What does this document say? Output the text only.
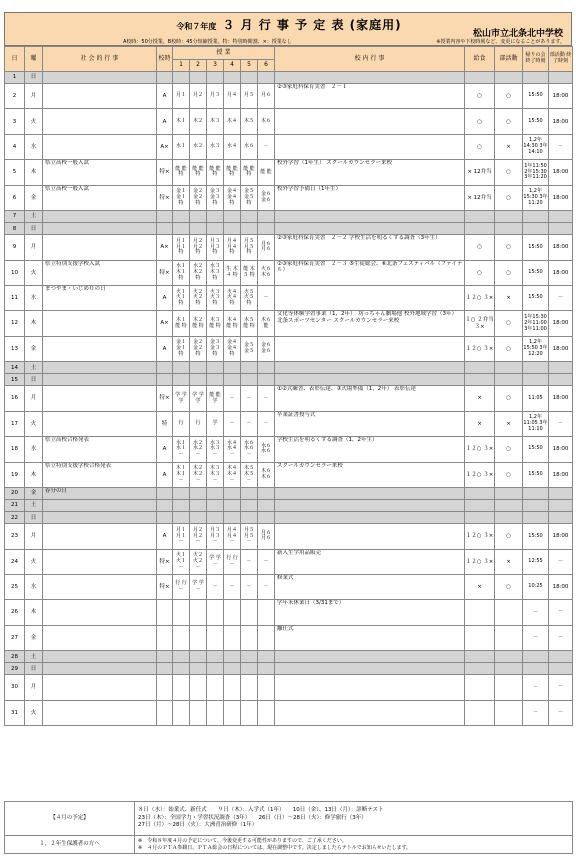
令和７年度 ３ 月 行 事 予 定 表 (家庭用)
松山市立北条北中学校
A校時：50分授業、B校時：45分短縮授業、特：特別時間割、×：授業なし	※授業内容や下校時刻など、変更になることがあります。
日	曜	社 会 的 行 事	校時	授 業						校 内 行 事	給食	部活動	帰りの会 終了時刻	部活動 終了時刻
				1	2	3	4	5	6					
1	日													
2	月		A	月１	月２	月３	月４	月５	月６	②③家庭科保育実習　２－１	○	○	15:50	18:00
3	火		A	木１	木２	木３	木４	木５	木６		○	○	15:50	18:00
4	水		A×	水１	水２	水３	水４	水６	－		○	×	1,2年 14:30 3年14:10	－
5	木	県立高校一般入試	特×	能 能 特	能 能 特	能 能 特	能 能 特	能 能 特	能 能	校外学習（1年生） スクールカウンセラー来校	× 12弁当	○	1年11:50 2年15:30 3年11:20	18:00
6	金	県立高校一般入試	特×	金１ 金１ 特	金２ 金２ 特	金３ 金３ 特	金４ 金４ 特	金５ 金５ 特	金６ 金６	校外学習予備日（1年生）	× 12弁当	○	1,2年 15:30 3年11:20	18:00
7	土													
8	日													
9	月		A×	月１ 月１ 特	月２ 月２ 特	月３ 月３ 特	月４ 月４ 特	月５ 月５ 特	月６ 月６	②③家庭科保育実習　２－２ 学校生活を明るくする調査（3年生）	○	○	15:50	18:00
10	火	県立特別支援学校入試	特×	水１ 木１ 特	水２ 木２ 特	水３ 木３ 特	生 木４ 特	能 木５ 特	火６ 木６	②③家庭科保育実習　２－３ ⑤生徒総会、⑥北条フェスティバル（ファイナル）	○	○	15:50	18:00
11	水	まつやま・いじめ０の日	A	火１ 火１ 特	火２ 火２ 特	火３ 火３ 特	火４ 火４ 特	火５ 火５ 特	－		１２○ ３×	×	15:50	－
12	木		A×	木１ 能 特	木２ 能 特	木３ 能 特	木４ 能 特	木５ 能 特	木６ 能	文化等体験学習事業（1，2年）　坊っちゃん劇場他 校外地域学習（3年）　北条スポーツセンター スクールカウンセラー来校	１○ ２弁当 ３×	○	1年15:30 2年11:00 3年11:00	18:00
13	金		A	金１ 金１ 特	金２ 金２ 特	金３ 金３ 特	金４ 金４ 特	金５ 金５	金６ 金６		１２○ ３×	○	1,2年 15:50 3年12:20	18:00
14	土													
15	日													
16	月		特×	学 学 学	学 学 学	能 能 学	－	－	－	①②式練習、表彰伝達、③式場準備（1，2年） 表彰伝達	×	○	11:05	18:00
17	火		特	行	行	学	－	－	－	卒業証書授与式	×	×	1,2年 11:05 3年11:10	－
18	水	県立高校合格発表	A	水１ 水１ －	水２ 水２ －	水３ 水３ －	水４ 水４ －	水６ 水６ －	水６ 水６	学校生活を明るくする調査（1，2年生）	１２○ ３×	○	15:50	18:00
19	木	県立特別支援学校合格発表	A	木１ 木１ －	木２ 木２ －	木３ 木３ －	木４ 木４ －	木５ 木５ －	木６ 木６	スクールカウンセラー来校	１２○ ３×	○	15:50	18:00
20	金	春分の日												
21	土													
22	日													
23	月		A	月１ 月１ －	月２ 月２ －	月３ 月３ －	月４ 月４ －	月５ 月５ －	月６ 月６		１２○ ３×	○	15:50	18:00
24	火		特×	火１ 火１ －	火２ 火２ －	学 学 －	行 行 －	－	－	新入生学用品販売	１２○ ３×	×	12:55	－
25	水		特×	行 行 －	学 学 －	－	－	－	－	修業式	×	○	10:25	18:00
26	木									学年末休業日（3/31まで）			－	－
27	金									離任式			－	－
28	土													
29	日													
30	月												－	－
31	火												－	－
【４月の予定】	８日（水）：始業式、新任式　　９日（木）：入学式（1年）　　10日（金）、13日（月）：診断テスト
23日（木）：全国学力・学習状況調査（3年）　　26日（日）～28日（火）：修学旅行（3年）
27日（月）～28日（火）：大洲青治研修（1年）

１，２年生保護者の方へ	※　令和８年度４月の予定について、今後変更する可能性がありますので、ご了承ください。
※　４月のＰＴＡ参観日、ＰＴＡ総会の日程については、現在調整中です。決定しましたらテトルでお知らせいたします。
